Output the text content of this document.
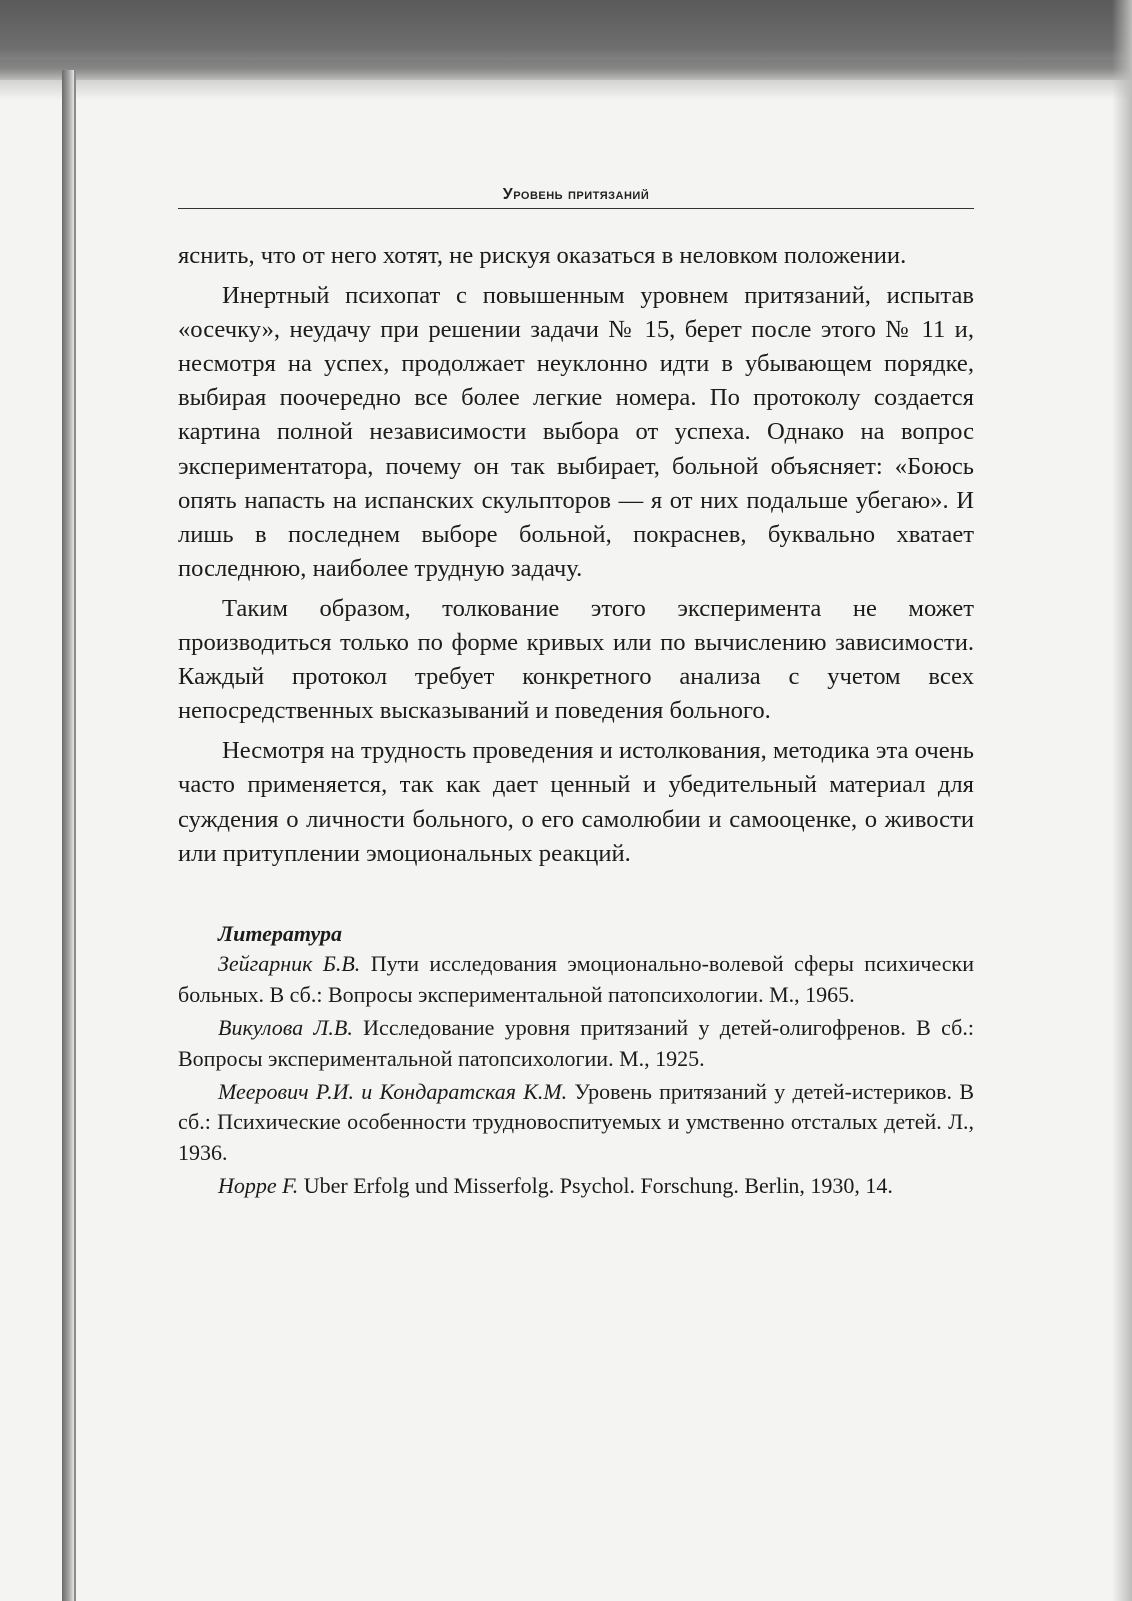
Уровень притязаний

яснить, что от него хотят, не рискуя оказаться в неловком положении.

Инертный психопат с повышенным уровнем притязаний, испытав «осечку», неудачу при решении задачи № 15, берет после этого № 11 и, несмотря на успех, продолжает неуклонно идти в убывающем порядке, выбирая поочередно все более легкие номера. По протоколу создается картина полной независимости выбора от успеха. Однако на вопрос экспериментатора, почему он так выбирает, больной объясняет: «Боюсь опять напасть на испанских скульпторов — я от них подальше убегаю». И лишь в последнем выборе больной, покраснев, буквально хватает последнюю, наиболее трудную задачу.

Таким образом, толкование этого эксперимента не может производиться только по форме кривых или по вычислению зависимости. Каждый протокол требует конкретного анализа с учетом всех непосредственных высказываний и поведения больного.

Несмотря на трудность проведения и истолкования, методика эта очень часто применяется, так как дает ценный и убедительный материал для суждения о личности больного, о его самолюбии и самооценке, о живости или притуплении эмоциональных реакций.

Литература

Зейгарник Б.В. Пути исследования эмоционально-волевой сферы психически больных. В сб.: Вопросы экспериментальной патопсихологии. М., 1965.

Викулова Л.В. Исследование уровня притязаний у детей-олигофренов. В сб.: Вопросы экспериментальной патопсихологии. М., 1925.

Меерович Р.И. и Кондаратская К.М. Уровень притязаний у детей-истериков. В сб.: Психические особенности трудновоспитуемых и умственно отсталых детей. Л., 1936.

Hoppe F. Uber Erfolg und Misserfolg. Psychol. Forschung. Berlin, 1930, 14.
